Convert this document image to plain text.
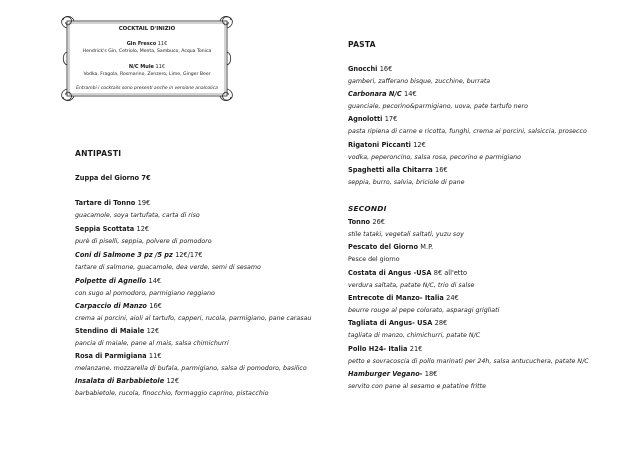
COCKTAIL D'INIZIO
Gin Fresco 11€
Hendrick's Gin, Cetriolo, Menta, Sambuco, Acqua Tonica
N/C Mule 11€
Vodka, Fragola, Rosmarino, Zenzero, Lime, Ginger Beer
Entrambi i cocktails sono presenti anche in versione analcolica
ANTIPASTI
Zuppa del Giorno 7€
Tartare di Tonno 19€
guacamole, soya tartufata, carta di riso
Seppia Scottata 12€
purè di piselli, seppia, polvere di pomodoro
Coni di Salmone 3 pz /5 pz 12€/17€
tartare di salmone, guacamole, dea verde, semi di sesamo
Polpette di Agnello 14€
con sugo al pomodoro, parmigiano reggiano
Carpaccio di Manzo 16€
crema ai porcini, aioli al tartufo, capperi, rucola, parmigiano, pane carasau
Stendino di Maiale 12€
pancia di maiale, pane al mais, salsa chimichurri
Rosa di Parmigiana 11€
melanzane, mozzarella di bufala, parmigiano, salsa di pomodoro, basilico
Insalata di Barbabietole 12€
barbabietole, rucola, finocchio, formaggio caprino, pistacchio
PASTA
Gnocchi 16€
gamberi, zafferano bisque, zucchine, burrata
Carbonara N/C 14€
guanciale, pecorino&parmigiano, uova, pate tartufo nero
Agnolotti 17€
pasta ripiena di carne e ricotta, funghi, crema ai porcini, salsiccia, prosecco
Rigatoni Piccanti 12€
vodka, peperoncino, salsa rosa, pecorino e parmigiano
Spaghetti alla Chitarra 16€
seppia, burro, salvia, briciole di pane
SECONDI
Tonno 26€
stile tataki, vegetali saltati, yuzu soy
Pescato del Giorno M.P.
Pesce del giorno
Costata di Angus -USA 8€ all'etto
verdura saltata, patate N/C, trio di salse
Entrecote di Manzo- Italia 24€
beurre rouge al pepe colorato, asparagi grigliati
Tagliata di Angus- USA 28€
tagliata di manzo, chimichurri, patate N/C
Pollo H24- Italia 21€
petto e sovracoscia di pollo marinati per 24h, salsa antucuchera, patate N/C
Hamburger Vegano- 18€
servito con pane al sesamo e patatine fritte
